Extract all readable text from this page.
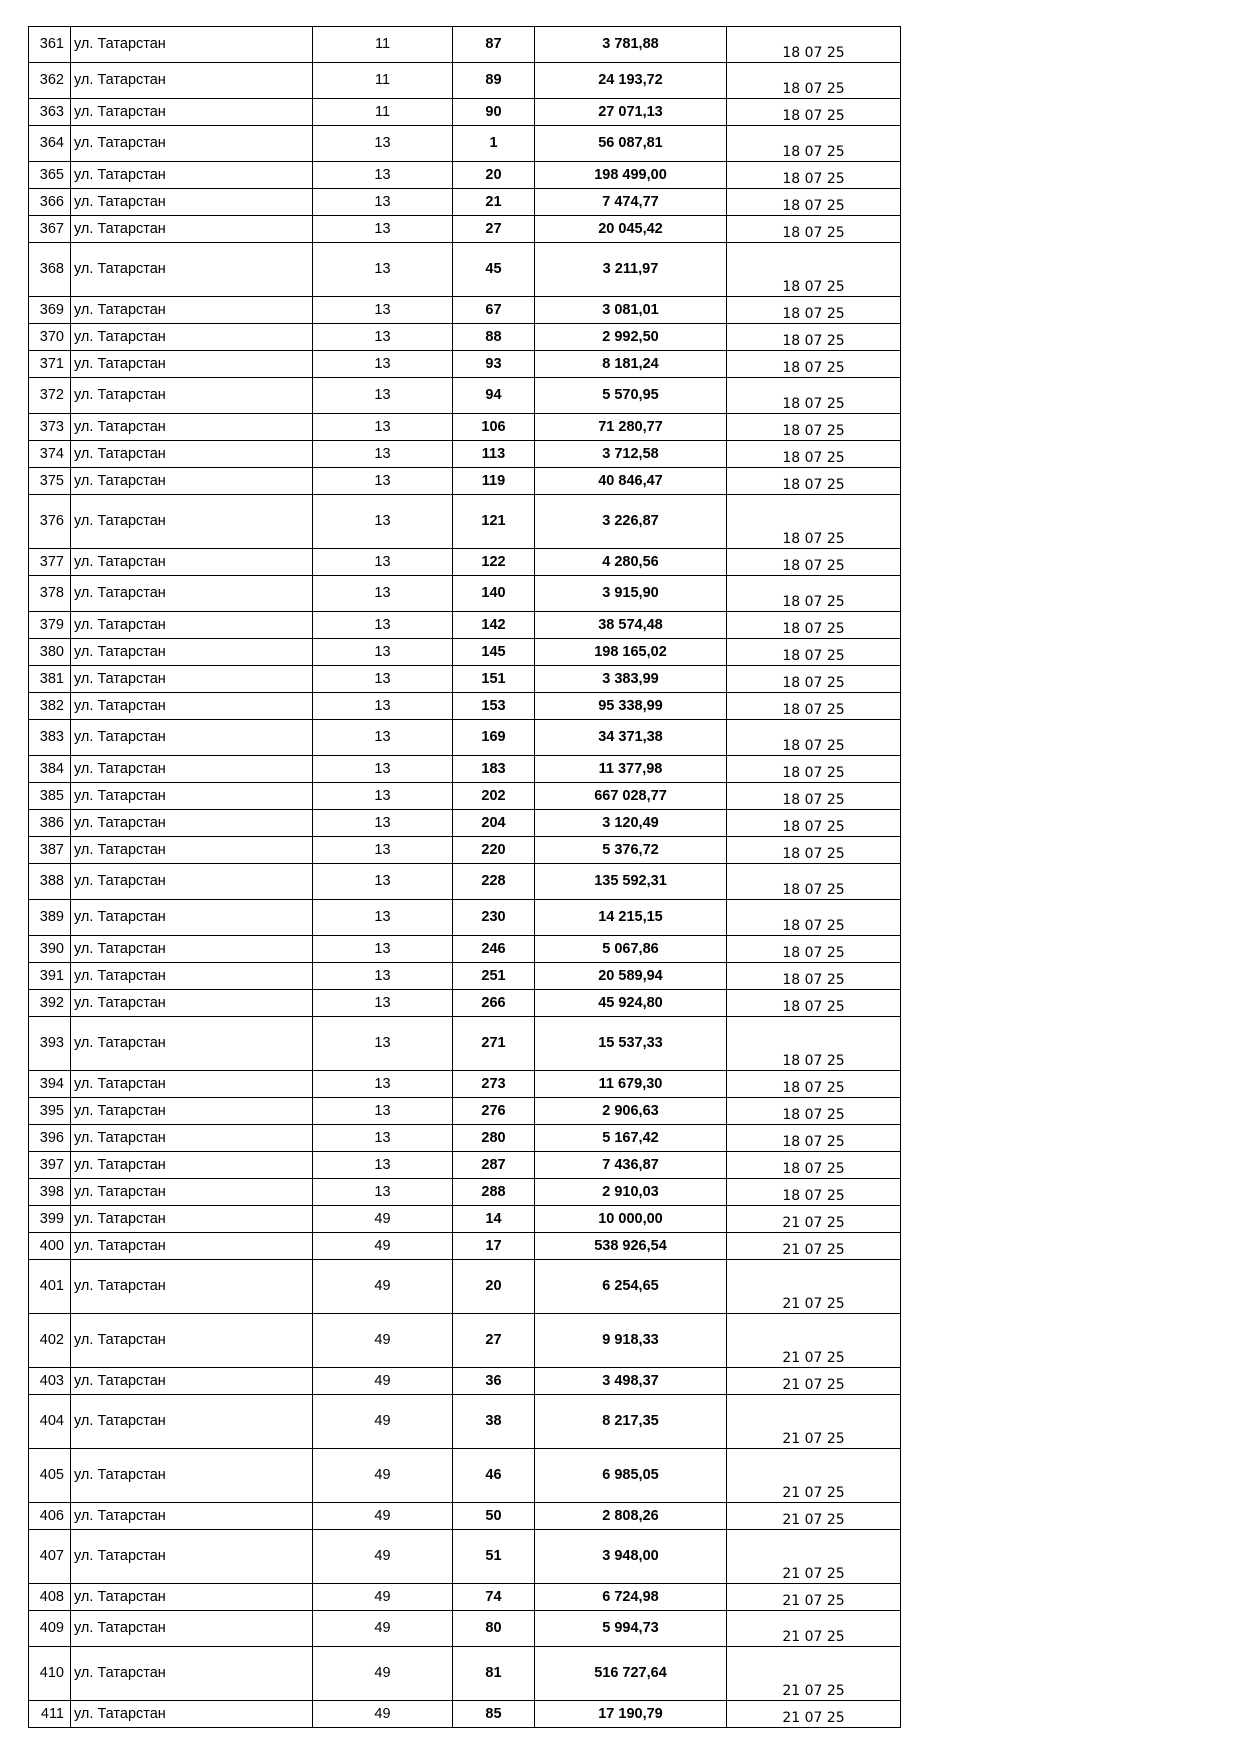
361	ул. Татарстан	11	87	3 781,88	18 07 25
362	ул. Татарстан	11	89	24 193,72	18 07 25
363	ул. Татарстан	11	90	27 071,13	18 07 25
364	ул. Татарстан	13	1	56 087,81	18 07 25
365	ул. Татарстан	13	20	198 499,00	18 07 25
366	ул. Татарстан	13	21	7 474,77	18 07 25
367	ул. Татарстан	13	27	20 045,42	18 07 25
368	ул. Татарстан	13	45	3 211,97	18 07 25
369	ул. Татарстан	13	67	3 081,01	18 07 25
370	ул. Татарстан	13	88	2 992,50	18 07 25
371	ул. Татарстан	13	93	8 181,24	18 07 25
372	ул. Татарстан	13	94	5 570,95	18 07 25
373	ул. Татарстан	13	106	71 280,77	18 07 25
374	ул. Татарстан	13	113	3 712,58	18 07 25
375	ул. Татарстан	13	119	40 846,47	18 07 25
376	ул. Татарстан	13	121	3 226,87	18 07 25
377	ул. Татарстан	13	122	4 280,56	18 07 25
378	ул. Татарстан	13	140	3 915,90	18 07 25
379	ул. Татарстан	13	142	38 574,48	18 07 25
380	ул. Татарстан	13	145	198 165,02	18 07 25
381	ул. Татарстан	13	151	3 383,99	18 07 25
382	ул. Татарстан	13	153	95 338,99	18 07 25
383	ул. Татарстан	13	169	34 371,38	18 07 25
384	ул. Татарстан	13	183	11 377,98	18 07 25
385	ул. Татарстан	13	202	667 028,77	18 07 25
386	ул. Татарстан	13	204	3 120,49	18 07 25
387	ул. Татарстан	13	220	5 376,72	18 07 25
388	ул. Татарстан	13	228	135 592,31	18 07 25
389	ул. Татарстан	13	230	14 215,15	18 07 25
390	ул. Татарстан	13	246	5 067,86	18 07 25
391	ул. Татарстан	13	251	20 589,94	18 07 25
392	ул. Татарстан	13	266	45 924,80	18 07 25
393	ул. Татарстан	13	271	15 537,33	18 07 25
394	ул. Татарстан	13	273	11 679,30	18 07 25
395	ул. Татарстан	13	276	2 906,63	18 07 25
396	ул. Татарстан	13	280	5 167,42	18 07 25
397	ул. Татарстан	13	287	7 436,87	18 07 25
398	ул. Татарстан	13	288	2 910,03	18 07 25
399	ул. Татарстан	49	14	10 000,00	21 07 25
400	ул. Татарстан	49	17	538 926,54	21 07 25
401	ул. Татарстан	49	20	6 254,65	21 07 25
402	ул. Татарстан	49	27	9 918,33	21 07 25
403	ул. Татарстан	49	36	3 498,37	21 07 25
404	ул. Татарстан	49	38	8 217,35	21 07 25
405	ул. Татарстан	49	46	6 985,05	21 07 25
406	ул. Татарстан	49	50	2 808,26	21 07 25
407	ул. Татарстан	49	51	3 948,00	21 07 25
408	ул. Татарстан	49	74	6 724,98	21 07 25
409	ул. Татарстан	49	80	5 994,73	21 07 25
410	ул. Татарстан	49	81	516 727,64	21 07 25
411	ул. Татарстан	49	85	17 190,79	21 07 25
